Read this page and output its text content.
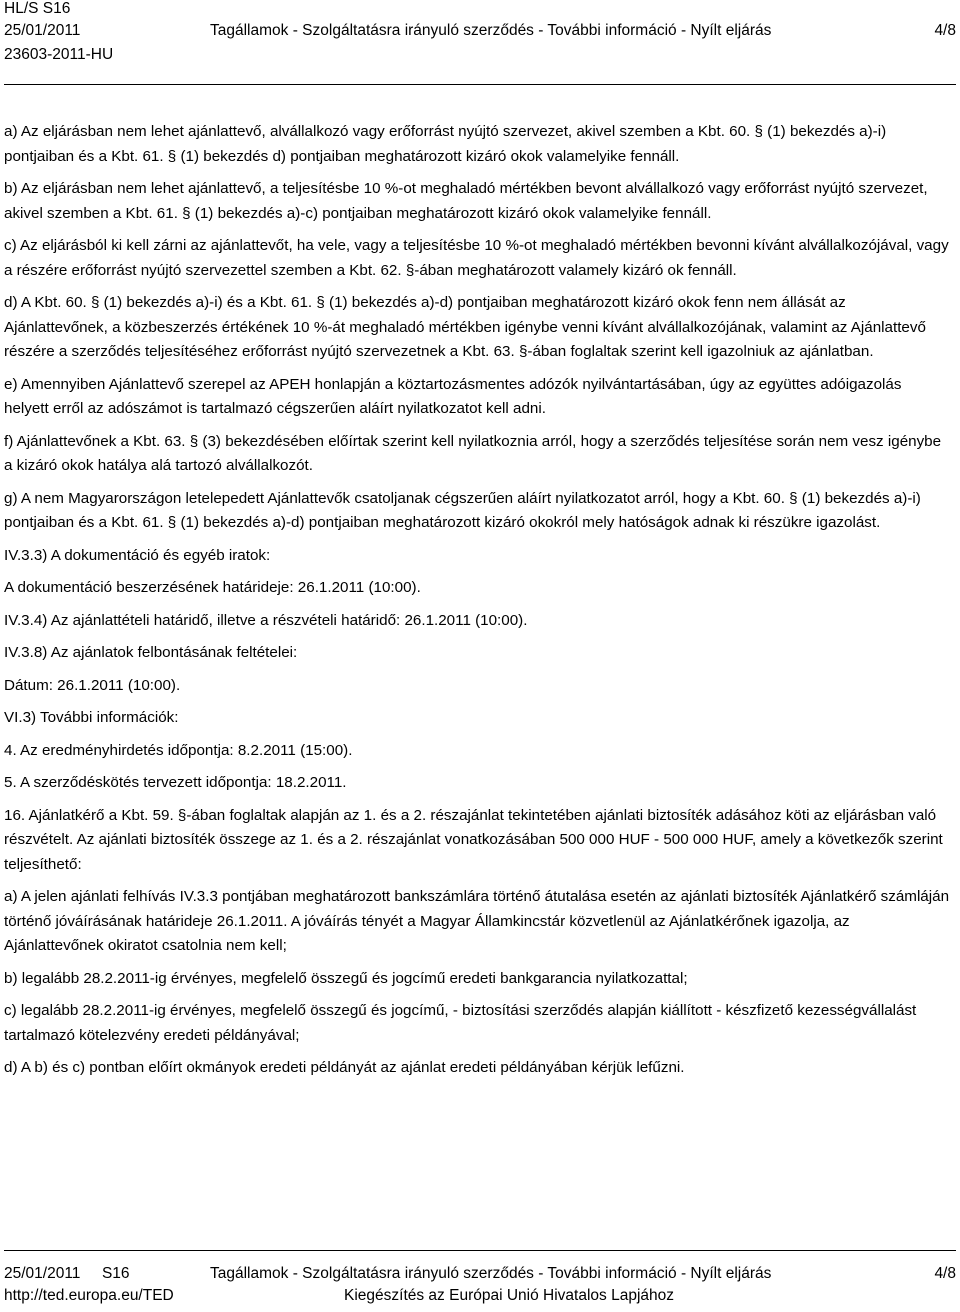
HL/S S16
25/01/2011
23603-2011-HU
Tagállamok - Szolgáltatásra irányuló szerződés - További információ - Nyílt eljárás	4/8

a) Az eljárásban nem lehet ajánlattevő, alvállalkozó vagy erőforrást nyújtó szervezet, akivel szemben a Kbt. 60. § (1) bekezdés a)-i) pontjaiban és a Kbt. 61. § (1) bekezdés d) pontjaiban meghatározott kizáró okok valamelyike fennáll.

b) Az eljárásban nem lehet ajánlattevő, a teljesítésbe 10 %-ot meghaladó mértékben bevont alvállalkozó vagy erőforrást nyújtó szervezet, akivel szemben a Kbt. 61. § (1) bekezdés a)-c) pontjaiban meghatározott kizáró okok valamelyike fennáll.

c) Az eljárásból ki kell zárni az ajánlattevőt, ha vele, vagy a teljesítésbe 10 %-ot meghaladó mértékben bevonni kívánt alvállalkozójával, vagy a részére erőforrást nyújtó szervezettel szemben a Kbt. 62. §-ában meghatározott valamely kizáró ok fennáll.

d) A Kbt. 60. § (1) bekezdés a)-i) és a Kbt. 61. § (1) bekezdés a)-d) pontjaiban meghatározott kizáró okok fenn nem állását az Ajánlattevőnek, a közbeszerzés értékének 10 %-át meghaladó mértékben igénybe venni kívánt alvállalkozójának, valamint az Ajánlattevő részére a szerződés teljesítéséhez erőforrást nyújtó szervezetnek a Kbt. 63. §-ában foglaltak szerint kell igazolniuk az ajánlatban.

e) Amennyiben Ajánlattevő szerepel az APEH honlapján a köztartozásmentes adózók nyilvántartásában, úgy az együttes adóigazolás helyett erről az adószámot is tartalmazó cégszerűen aláírt nyilatkozatot kell adni.

f) Ajánlattevőnek a Kbt. 63. § (3) bekezdésében előírtak szerint kell nyilatkoznia arról, hogy a szerződés teljesítése során nem vesz igénybe a kizáró okok hatálya alá tartozó alvállalkozót.

g) A nem Magyarországon letelepedett Ajánlattevők csatoljanak cégszerűen aláírt nyilatkozatot arról, hogy a Kbt. 60. § (1) bekezdés a)-i) pontjaiban és a Kbt. 61. § (1) bekezdés a)-d) pontjaiban meghatározott kizáró okokról mely hatóságok adnak ki részükre igazolást.

IV.3.3) A dokumentáció és egyéb iratok:

A dokumentáció beszerzésének határideje: 26.1.2011 (10:00).

IV.3.4) Az ajánlattételi határidő, illetve a részvételi határidő: 26.1.2011 (10:00).

IV.3.8) Az ajánlatok felbontásának feltételei:

Dátum: 26.1.2011 (10:00).

VI.3) További információk:

4. Az eredményhirdetés időpontja: 8.2.2011 (15:00).

5. A szerződéskötés tervezett időpontja: 18.2.2011.

16. Ajánlatkérő a Kbt. 59. §-ában foglaltak alapján az 1. és a 2. részajánlat tekintetében ajánlati biztosíték adásához köti az eljárásban való részvételt. Az ajánlati biztosíték összege az 1. és a 2. részajánlat vonatkozásában 500 000 HUF - 500 000 HUF, amely a következők szerint teljesíthető:

a) A jelen ajánlati felhívás IV.3.3 pontjában meghatározott bankszámlára történő átutalása esetén az ajánlati biztosíték Ajánlatkérő számláján történő jóváírásának határideje 26.1.2011. A jóváírás tényét a Magyar Államkincstár közvetlenül az Ajánlatkérőnek igazolja, az Ajánlattevőnek okiratot csatolnia nem kell;

b) legalább 28.2.2011-ig érvényes, megfelelő összegű és jogcímű eredeti bankgarancia nyilatkozattal;

c) legalább 28.2.2011-ig érvényes, megfelelő összegű és jogcímű, - biztosítási szerződés alapján kiállított - készfizető kezességvállalást tartalmazó kötelezvény eredeti példányával;

d) A b) és c) pontban előírt okmányok eredeti példányát az ajánlat eredeti példányában kérjük lefűzni.

25/01/2011     S16
http://ted.europa.eu/TED
Tagállamok - Szolgáltatásra irányuló szerződés - További információ - Nyílt eljárás
Kiegészítés az Európai Unió Hivatalos Lapjához
4/8
